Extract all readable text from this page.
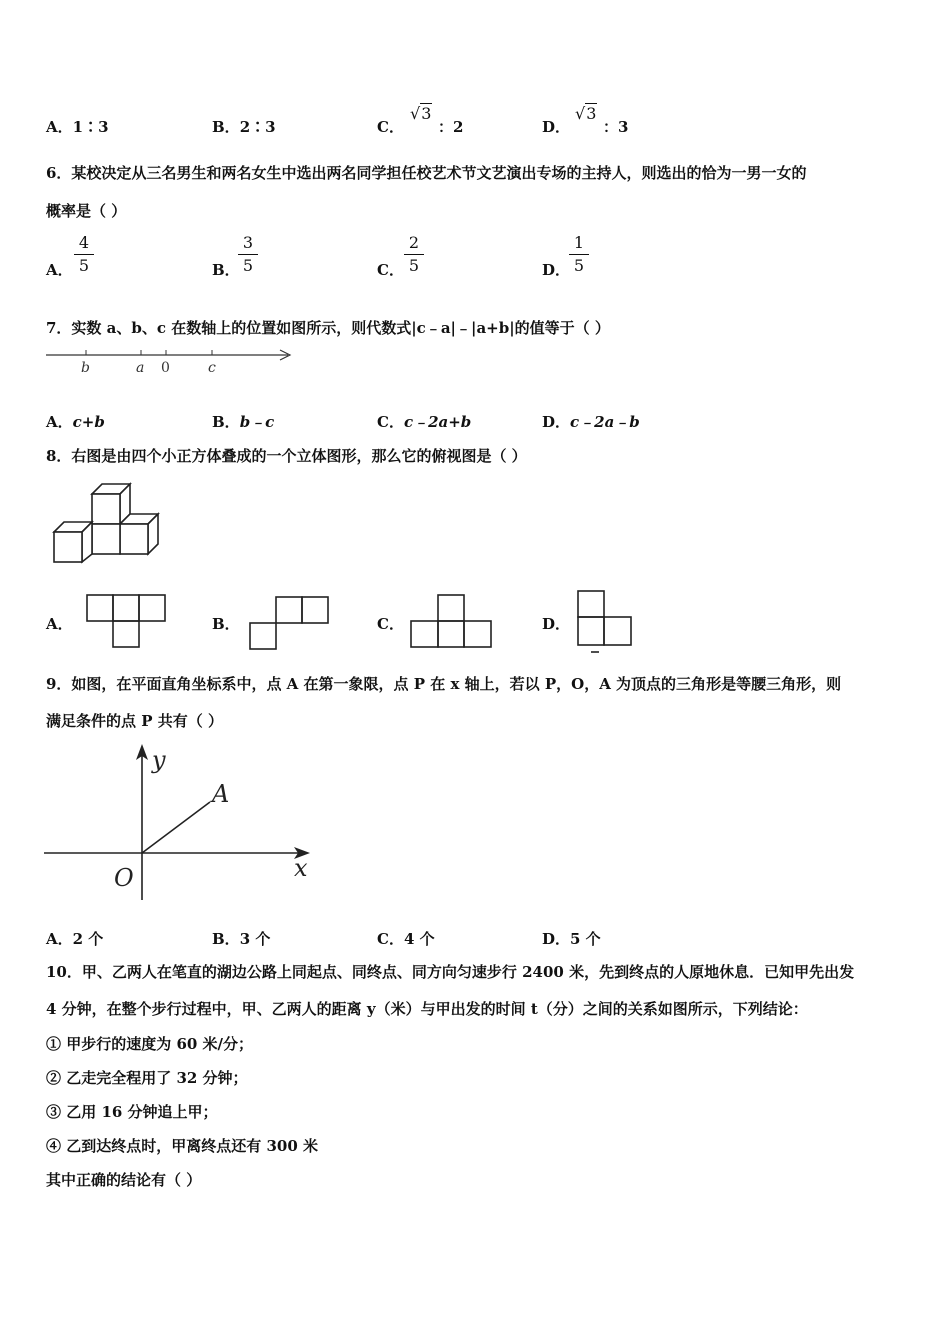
A．1∶3	B．2∶3	C．
√3
：2	D．
√3
：3
6．某校决定从三名男生和两名女生中选出两名同学担任校艺术节文艺演出专场的主持人，则选出的恰为一男一女的
概率是（ ）
A．
4
5	B．
3
5	C．
2
5	D．
1
5
7．实数 a、b、c 在数轴上的位置如图所示，则代数式|c﹣a|﹣|a+b|的值等于（ ）
b	a 0	c
A．c+b	B．b﹣c	C．c﹣2a+b	D．c﹣2a﹣b
8．右图是由四个小正方体叠成的一个立体图形，那么它的俯视图是（ ）
A．	B．	C．	D．
9．如图，在平面直角坐标系中，点 A 在第一象限，点 P 在 x 轴上，若以 P，O，A 为顶点的三角形是等腰三角形，则
满足条件的点 P 共有（ ）
y
A
x
O
A．2 个	B．3 个	C．4 个	D．5 个
10．甲、乙两人在笔直的湖边公路上同起点、同终点、同方向匀速步行 2400 米，先到终点的人原地休息．已知甲先出发
4 分钟，在整个步行过程中，甲、乙两人的距离 y（米）与甲出发的时间 t（分）之间的关系如图所示，下列结论：
① 甲步行的速度为 60 米/分；
② 乙走完全程用了 32 分钟；
③ 乙用 16 分钟追上甲；
④ 乙到达终点时，甲离终点还有 300 米
其中正确的结论有（ ）
